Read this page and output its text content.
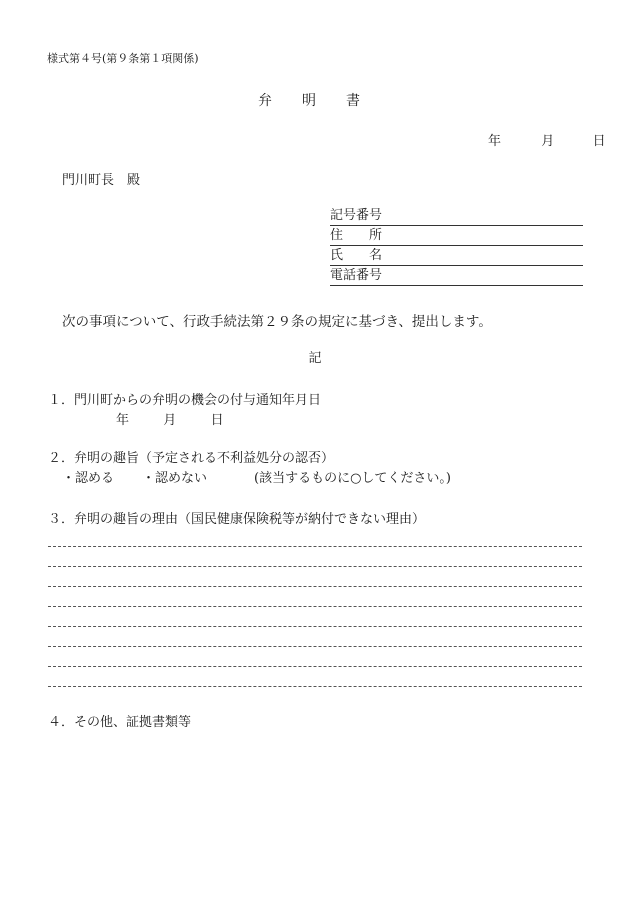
様式第４号(第９条第１項関係)
弁明書
年	月	日
門川町長　殿
記号番号
住　　所
氏　　名
電話番号
次の事項について、行政手続法第２９条の規定に基づき、提出します。
記
１．門川町からの弁明の機会の付与通知年月日
年	月	日
２．弁明の趣旨（予定される不利益処分の認否）
・認める ・認めない	(該当するものに○してください。)
３．弁明の趣旨の理由（国民健康保険税等が納付できない理由）
４．その他、証拠書類等
